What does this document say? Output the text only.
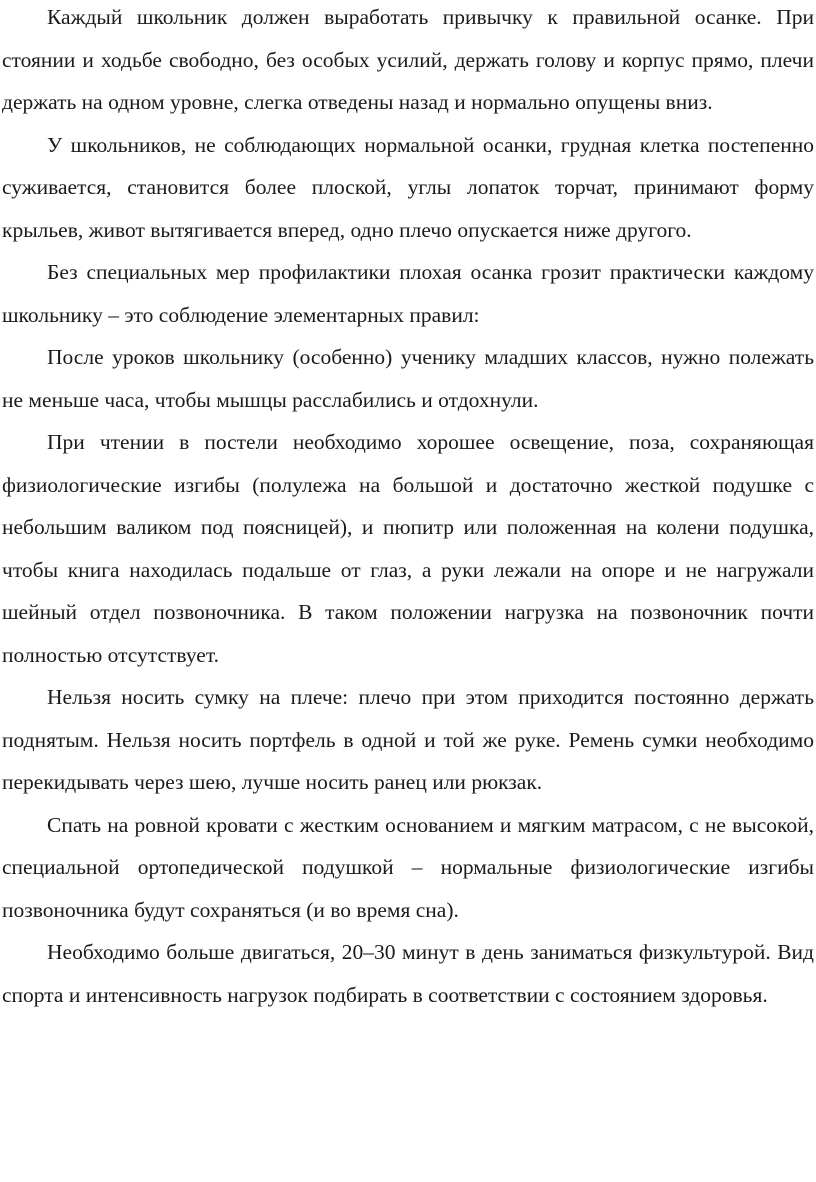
Каждый школьник должен выработать привычку к правильной осанке. При стоянии и ходьбе свободно, без особых усилий, держать голову и корпус прямо, плечи держать на одном уровне, слегка отведены назад и нормально опущены вниз.

У школьников, не соблюдающих нормальной осанки, грудная клетка постепенно суживается, становится более плоской, углы лопаток торчат, принимают форму крыльев, живот вытягивается вперед, одно плечо опускается ниже другого.

Без специальных мер профилактики плохая осанка грозит практически каждому школьнику – это соблюдение элементарных правил:

После уроков школьнику (особенно) ученику младших классов, нужно полежать не меньше часа, чтобы мышцы расслабились и отдохнули.

При чтении в постели необходимо хорошее освещение, поза, сохраняющая физиологические изгибы (полулежа на большой и достаточно жесткой подушке с небольшим валиком под поясницей), и пюпитр или положенная на колени подушка, чтобы книга находилась подальше от глаз, а руки лежали на опоре и не нагружали шейный отдел позвоночника. В таком положении нагрузка на позвоночник почти полностью отсутствует.

Нельзя носить сумку на плече: плечо при этом приходится постоянно держать поднятым. Нельзя носить портфель в одной и той же руке. Ремень сумки необходимо перекидывать через шею, лучше носить ранец или рюкзак.

Спать на ровной кровати с жестким основанием и мягким матрасом, с не высокой, специальной ортопедической подушкой – нормальные физиологические изгибы позвоночника будут сохраняться (и во время сна).

Необходимо больше двигаться, 20–30 минут в день заниматься физкультурой. Вид спорта и интенсивность нагрузок подбирать в соответствии с состоянием здоровья.
